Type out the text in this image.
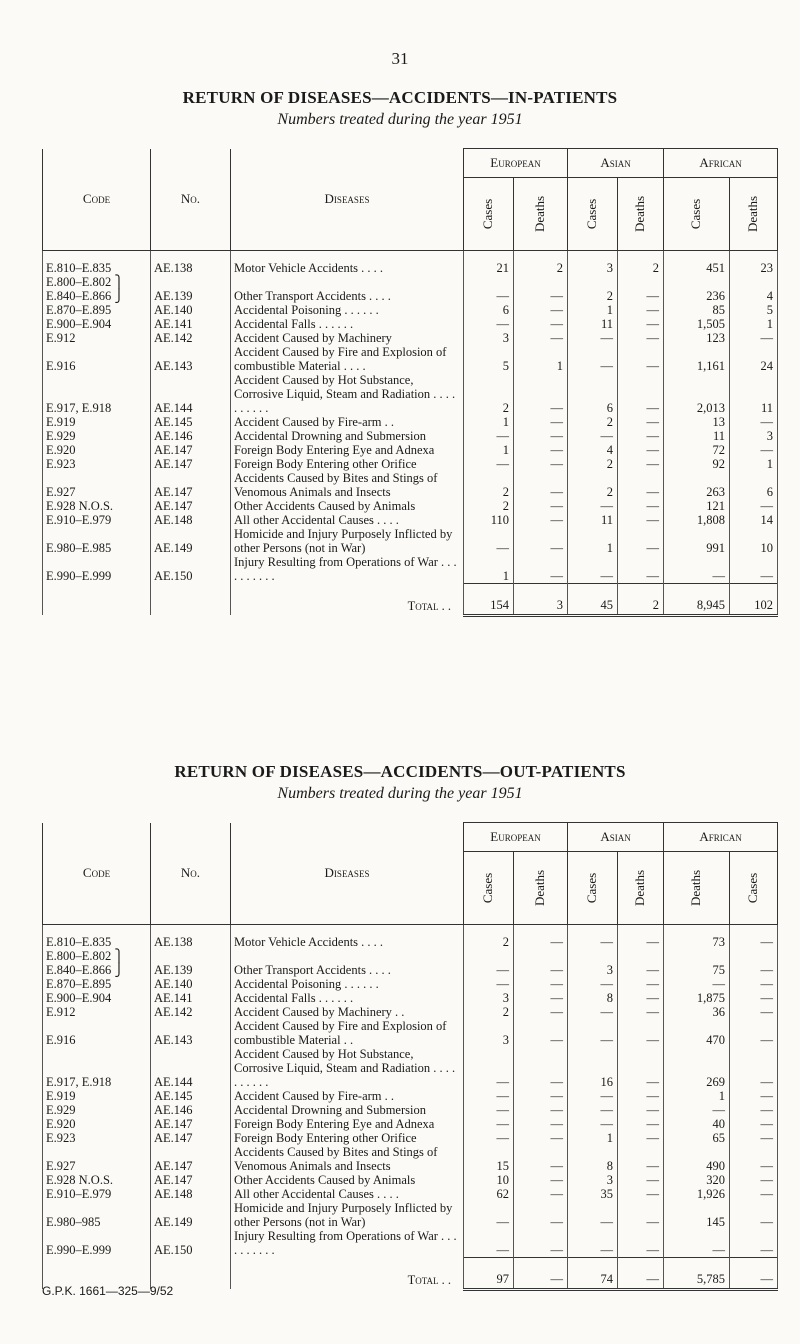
31
RETURN OF DISEASES—ACCIDENTS—IN-PATIENTS
Numbers treated during the year 1951
Code	No.	Diseases	European		Asian		African	
			Cases	Deaths	Cases	Deaths	Cases	Deaths
E.810–E.835	AE.138	Motor Vehicle Accidents . . . .	21	2	3	2	451	23
E.800–E.802 ⎫ E.840–E.866 ⎭	AE.139	Other Transport Accidents . . . .	—	—	2	—	236	4
E.870–E.895	AE.140	Accidental Poisoning . . . . . .	6	—	1	—	85	5
E.900–E.904	AE.141	Accidental Falls . . . . . .	—	—	11	—	1,505	1
E.912	AE.142	Accident Caused by Machinery	3	—	—	—	123	—
E.916	AE.143	Accident Caused by Fire and Explosion of combustible Material . . . .	5	1	—	—	1,161	24
E.917, E.918	AE.144	Accident Caused by Hot Substance, Corrosive Liquid, Steam and Radiation . . . . . . . . . .	2	—	6	—	2,013	11
E.919	AE.145	Accident Caused by Fire-arm . .	1	—	2	—	13	—
E.929	AE.146	Accidental Drowning and Submersion	—	—	—	—	11	3
E.920	AE.147	Foreign Body Entering Eye and Adnexa	1	—	4	—	72	—
E.923	AE.147	Foreign Body Entering other Orifice	—	—	2	—	92	1
E.927	AE.147	Accidents Caused by Bites and Stings of Venomous Animals and Insects	2	—	2	—	263	6
E.928 N.O.S.	AE.147	Other Accidents Caused by Animals	2	—	—	—	121	—
E.910–E.979	AE.148	All other Accidental Causes . . . .	110	—	11	—	1,808	14
E.980–E.985	AE.149	Homicide and Injury Purposely Inflicted by other Persons (not in War)	—	—	1	—	991	10
E.990–E.999	AE.150	Injury Resulting from Operations of War . . . . . . . . . .	1	—	—	—	—	—
		Total . .	154	3	45	2	8,945	102
RETURN OF DISEASES—ACCIDENTS—OUT-PATIENTS
Numbers treated during the year 1951
Code	No.	Diseases	European		Asian		African	
			Cases	Deaths	Cases	Deaths	Deaths	Cases
E.810–E.835	AE.138	Motor Vehicle Accidents . . . .	2	—	—	—	73	—
E.800–E.802 ⎫ E.840–E.866 ⎭	AE.139	Other Transport Accidents . . . .	—	—	3	—	75	—
E.870–E.895	AE.140	Accidental Poisoning . . . . . .	—	—	—	—	—	—
E.900–E.904	AE.141	Accidental Falls . . . . . .	3	—	8	—	1,875	—
E.912	AE.142	Accident Caused by Machinery . .	2	—	—	—	36	—
E.916	AE.143	Accident Caused by Fire and Explosion of combustible Material . .	3	—	—	—	470	—
E.917, E.918	AE.144	Accident Caused by Hot Substance, Corrosive Liquid, Steam and Radiation . . . . . . . . . .	—	—	16	—	269	—
E.919	AE.145	Accident Caused by Fire-arm . .	—	—	—	—	1	—
E.929	AE.146	Accidental Drowning and Submersion	—	—	—	—	—	—
E.920	AE.147	Foreign Body Entering Eye and Adnexa	—	—	—	—	40	—
E.923	AE.147	Foreign Body Entering other Orifice	—	—	1	—	65	—
E.927	AE.147	Accidents Caused by Bites and Stings of Venomous Animals and Insects	15	—	8	—	490	—
E.928 N.O.S.	AE.147	Other Accidents Caused by Animals	10	—	3	—	320	—
E.910–E.979	AE.148	All other Accidental Causes . . . .	62	—	35	—	1,926	—
E.980–985	AE.149	Homicide and Injury Purposely Inflicted by other Persons (not in War)	—	—	—	—	145	—
E.990–E.999	AE.150	Injury Resulting from Operations of War . . . . . . . . . .	—	—	—	—	—	—
		Total . .	97	—	74	—	5,785	—
G.P.K. 1661—325—9/52
